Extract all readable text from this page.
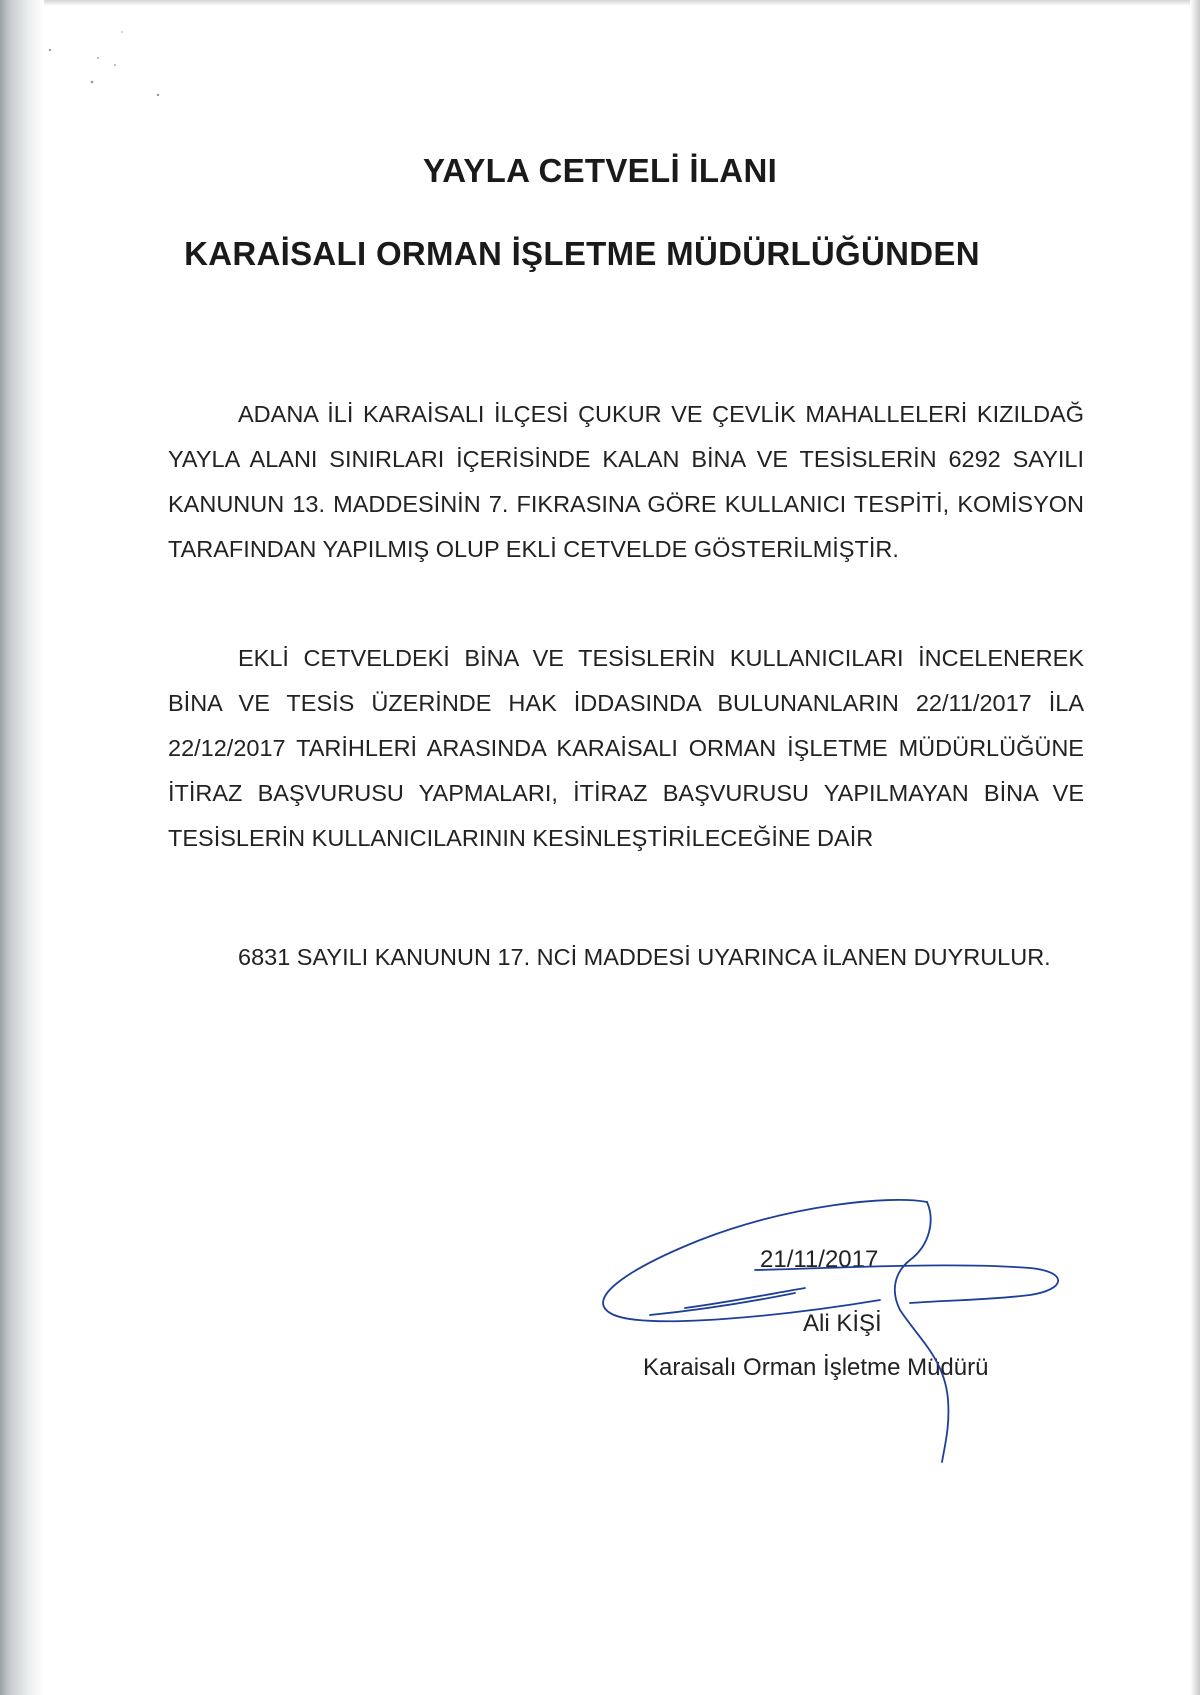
YAYLA CETVELİ İLANI
KARAİSALI ORMAN İŞLETME MÜDÜRLÜĞÜNDEN

ADANA İLİ KARAİSALI İLÇESİ ÇUKUR VE ÇEVLİK MAHALLELERİ KIZILDAĞ YAYLA ALANI SINIRLARI İÇERİSİNDE KALAN BİNA VE TESİSLERİN 6292 SAYILI KANUNUN 13. MADDESİNİN 7. FIKRASINA GÖRE KULLANICI TESPİTİ, KOMİSYON TARAFINDAN YAPILMIŞ OLUP EKLİ CETVELDE GÖSTERİLMİŞTİR.

EKLİ CETVELDEKİ BİNA VE TESİSLERİN KULLANICILARI İNCELENEREK BİNA VE TESİS ÜZERİNDE HAK İDDASINDA BULUNANLARIN 22/11/2017 İLA 22/12/2017 TARİHLERİ ARASINDA KARAİSALI ORMAN İŞLETME MÜDÜRLÜĞÜNE İTİRAZ BAŞVURUSU YAPMALARI, İTİRAZ BAŞVURUSU YAPILMAYAN BİNA VE TESİSLERİN KULLANICILARININ KESİNLEŞTİRİLECEĞİNE DAİR

6831 SAYILI KANUNUN 17. NCİ MADDESİ UYARINCA İLANEN DUYRULUR.

21/11/2017
Ali KİŞİ
Karaisalı Orman İşletme Müdürü
